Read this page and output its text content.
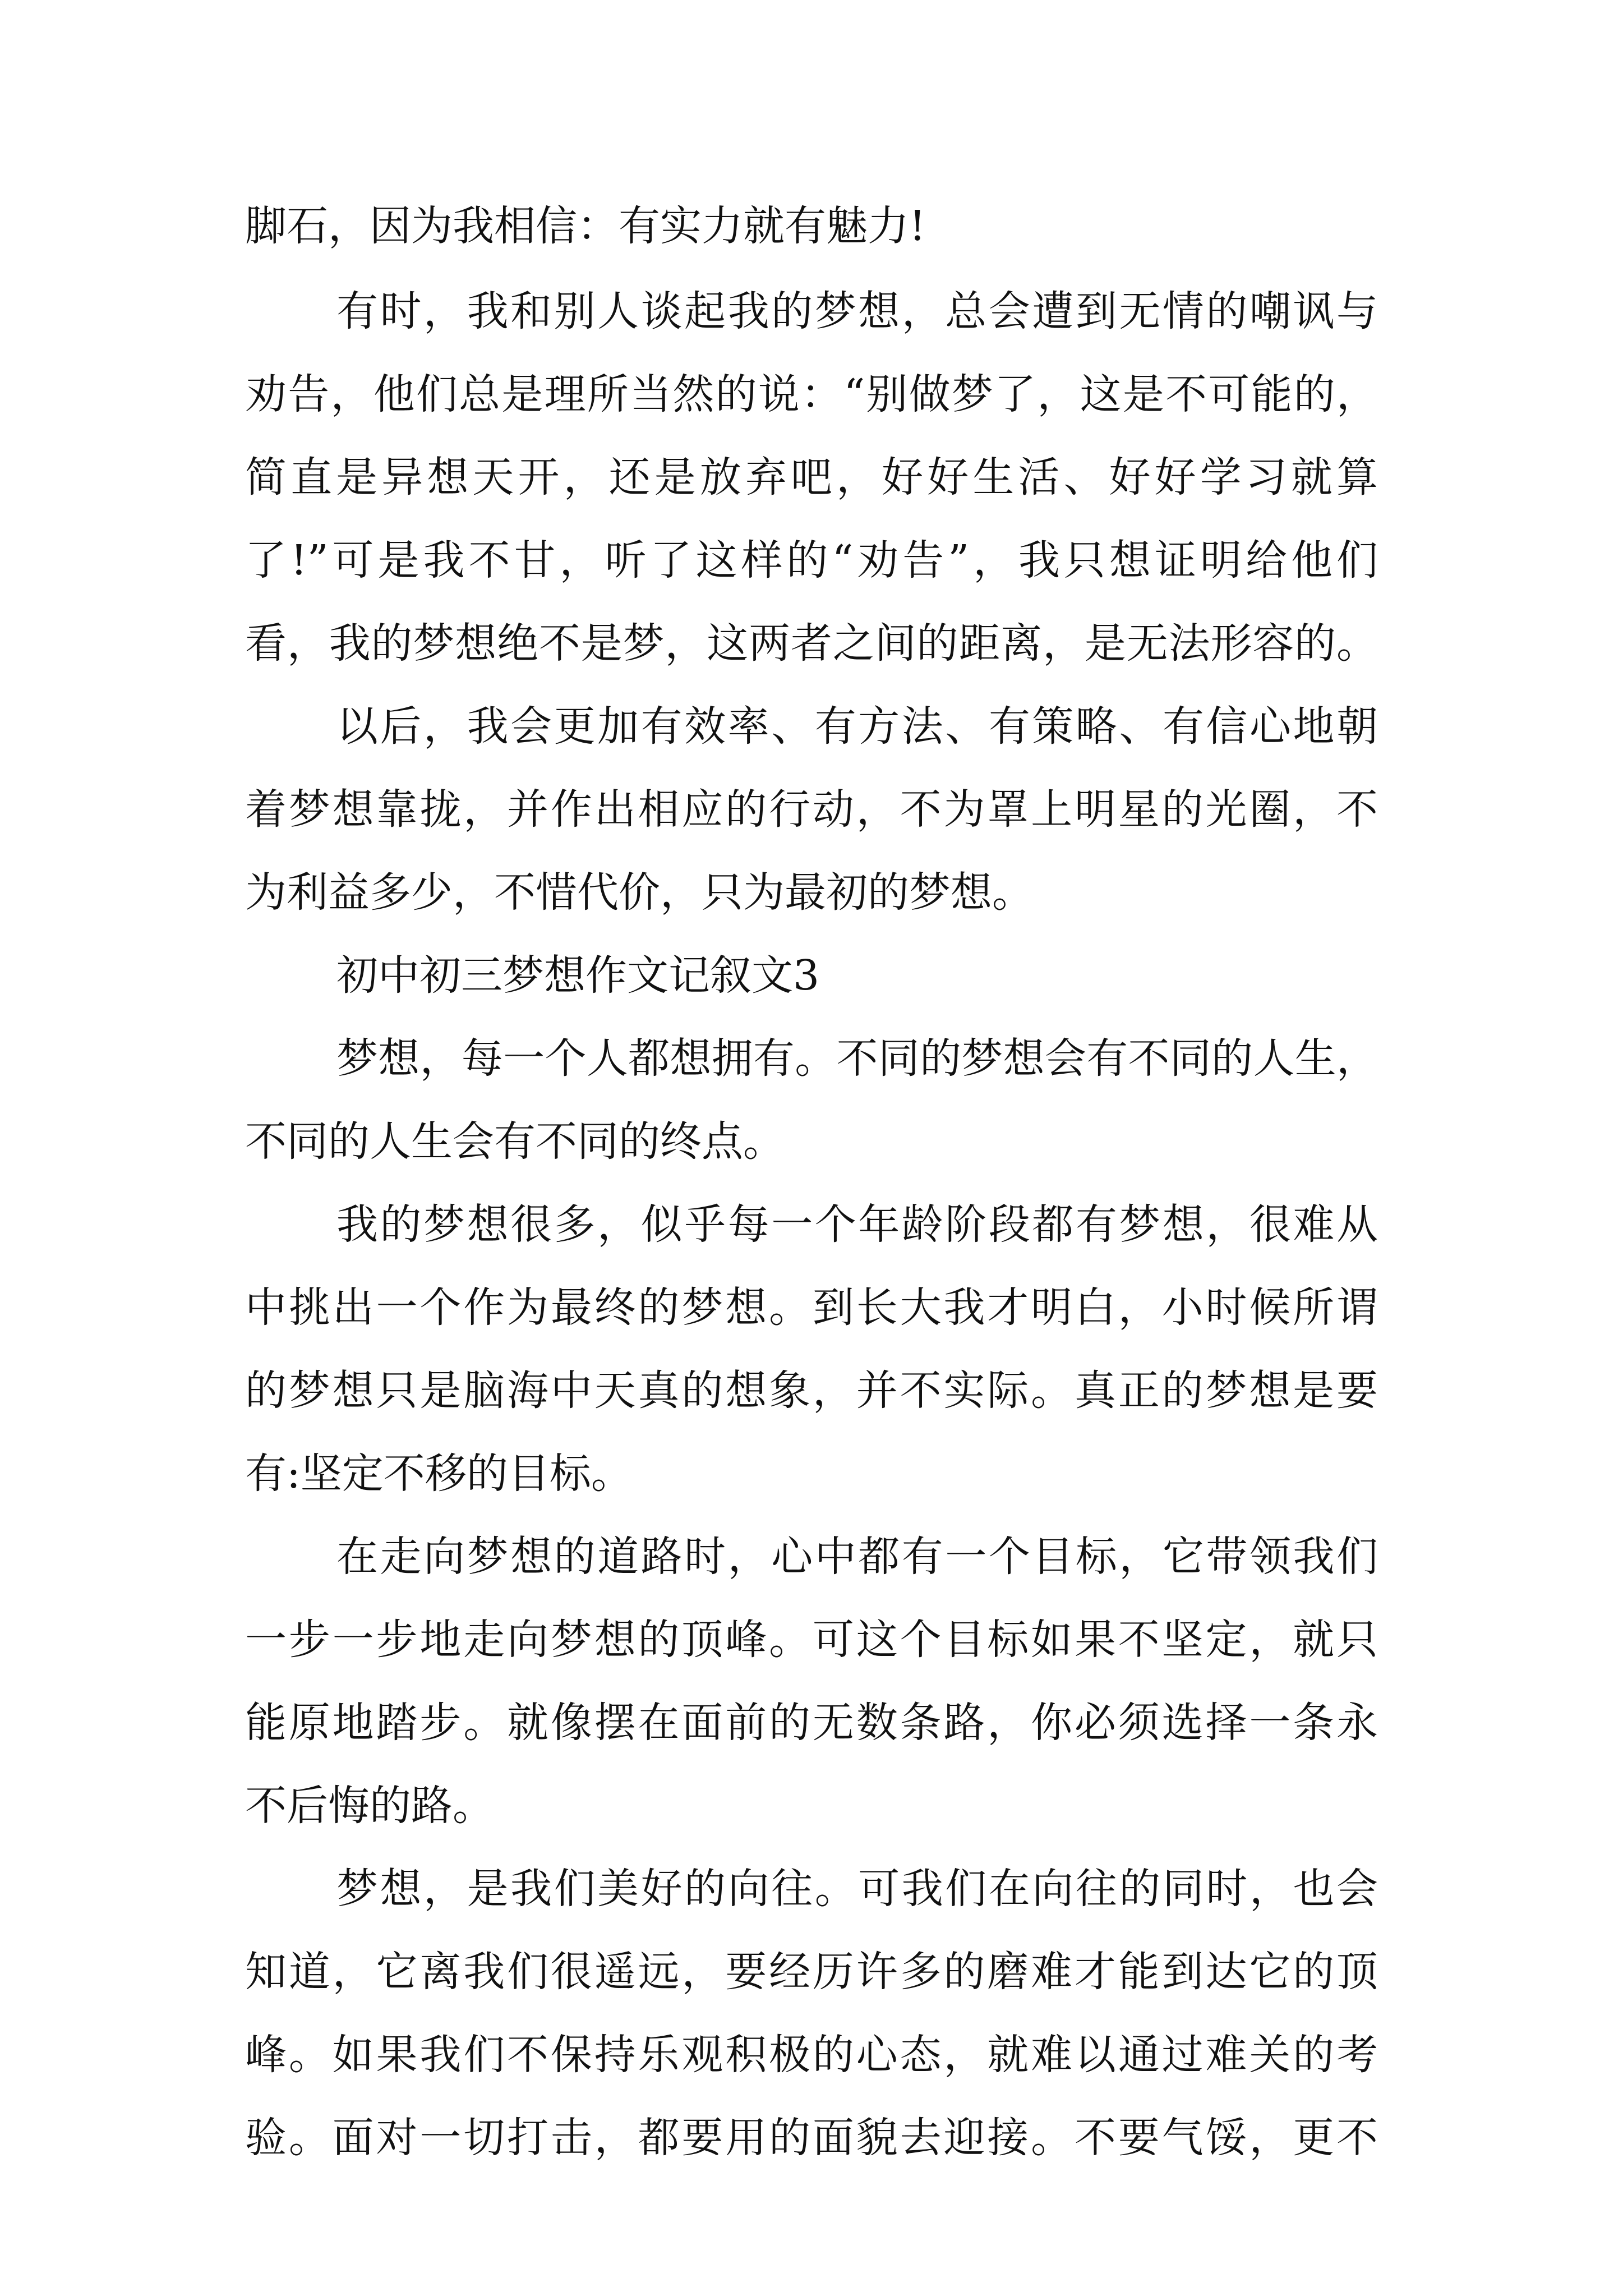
脚石，因为我相信：有实力就有魅力!
有时，我和别人谈起我的梦想，总会遭到无情的嘲讽与
劝告，他们总是理所当然的说：“别做梦了，这是不可能的，
简直是异想天开，还是放弃吧，好好生活、好好学习就算
了!”可是我不甘，听了这样的“劝告”，我只想证明给他们
看，我的梦想绝不是梦，这两者之间的距离，是无法形容的。
以后，我会更加有效率、有方法、有策略、有信心地朝
着梦想靠拢，并作出相应的行动，不为罩上明星的光圈，不
为利益多少，不惜代价，只为最初的梦想。
初中初三梦想作文记叙文3
梦想，每一个人都想拥有。不同的梦想会有不同的人生，
不同的人生会有不同的终点。
我的梦想很多，似乎每一个年龄阶段都有梦想，很难从
中挑出一个作为最终的梦想。到长大我才明白，小时候所谓
的梦想只是脑海中天真的想象，并不实际。真正的梦想是要
有:坚定不移的目标。
在走向梦想的道路时，心中都有一个目标，它带领我们
一步一步地走向梦想的顶峰。可这个目标如果不坚定，就只
能原地踏步。就像摆在面前的无数条路，你必须选择一条永
不后悔的路。
梦想，是我们美好的向往。可我们在向往的同时，也会
知道，它离我们很遥远，要经历许多的磨难才能到达它的顶
峰。如果我们不保持乐观积极的心态，就难以通过难关的考
验。面对一切打击，都要用的面貌去迎接。不要气馁，更不
